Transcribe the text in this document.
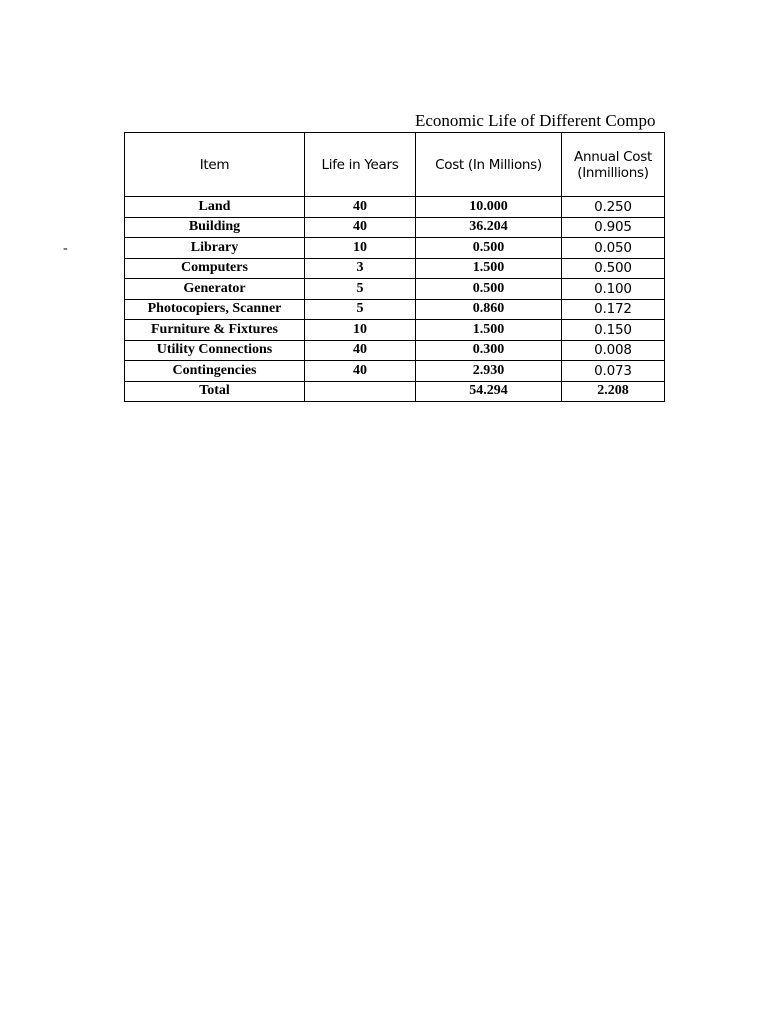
Economic Life of Different Compo
-
Item	Life in Years	Cost (In Millions)	Annual Cost (Inmillions)
Land	40	10.000	0.250
Building	40	36.204	0.905
Library	10	0.500	0.050
Computers	3	1.500	0.500
Generator	5	0.500	0.100
Photocopiers, Scanner	5	0.860	0.172
Furniture & Fixtures	10	1.500	0.150
Utility Connections	40	0.300	0.008
Contingencies	40	2.930	0.073
Total		54.294	2.208
